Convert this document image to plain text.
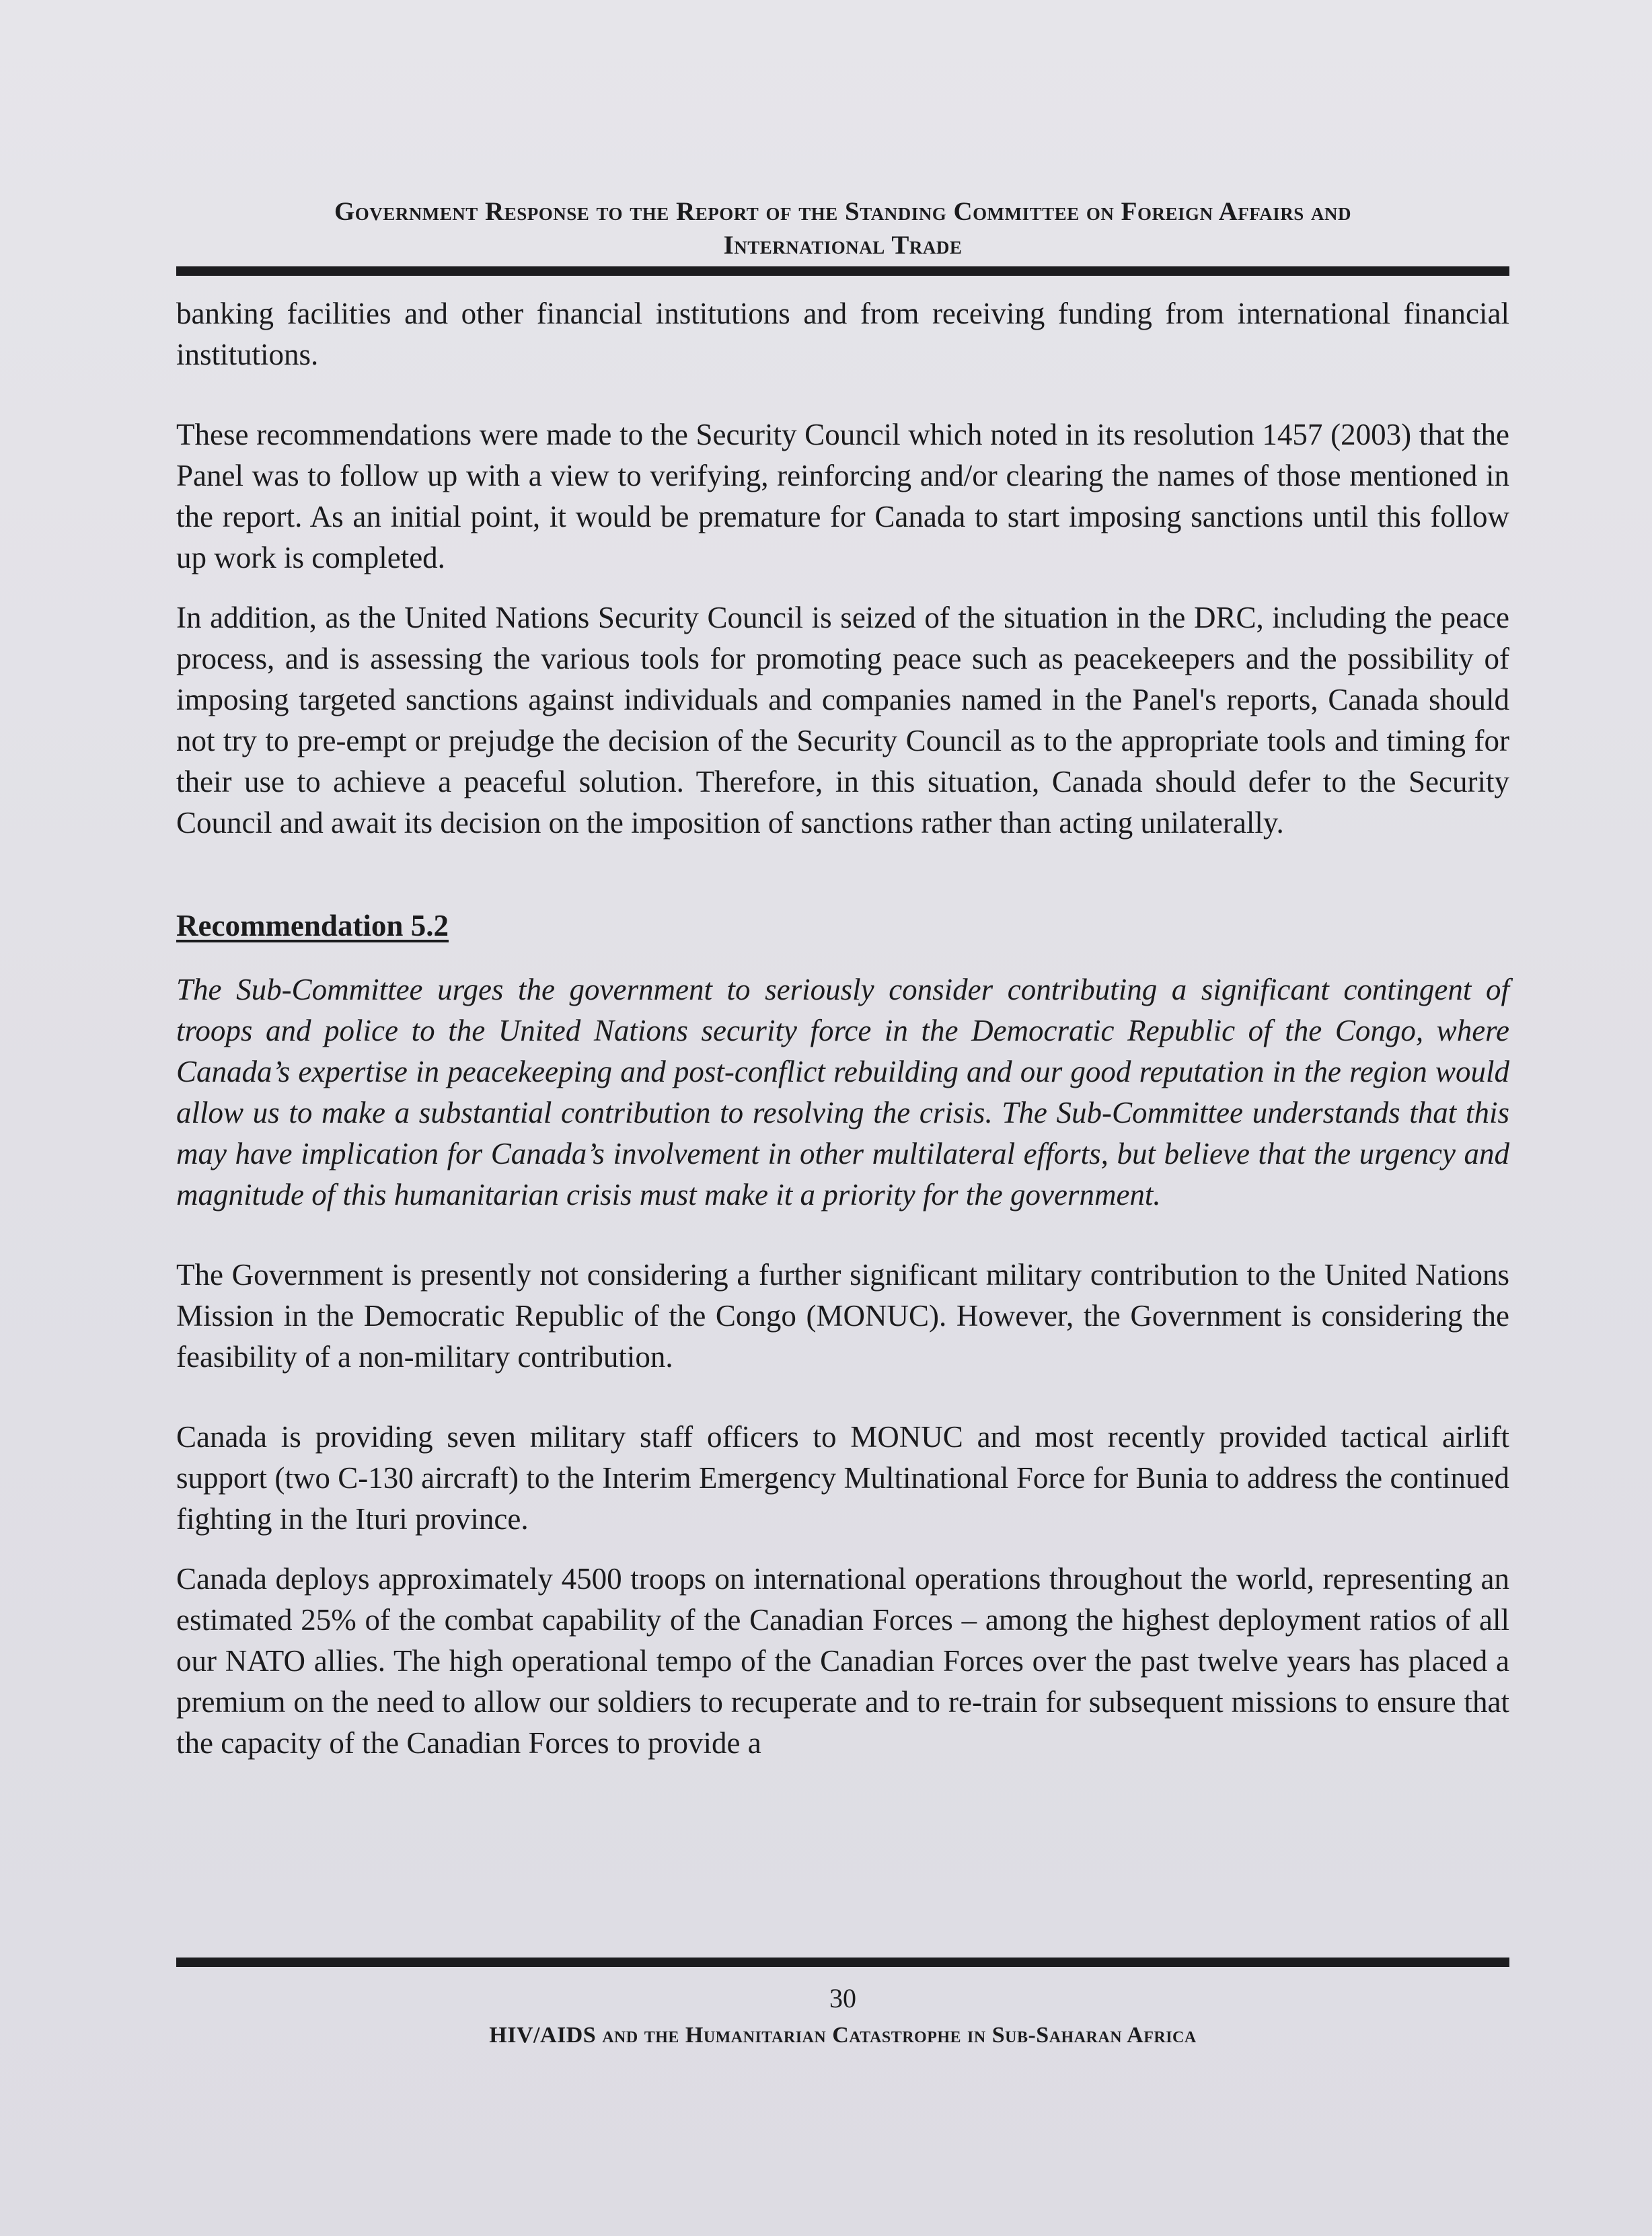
Government Response to the Report of the Standing Committee on Foreign Affairs and
International Trade

banking facilities and other financial institutions and from receiving funding from international financial institutions.

These recommendations were made to the Security Council which noted in its resolution 1457 (2003) that the Panel was to follow up with a view to verifying, reinforcing and/or clearing the names of those mentioned in the report. As an initial point, it would be premature for Canada to start imposing sanctions until this follow up work is completed.

In addition, as the United Nations Security Council is seized of the situation in the DRC, including the peace process, and is assessing the various tools for promoting peace such as peacekeepers and the possibility of imposing targeted sanctions against individuals and companies named in the Panel's reports, Canada should not try to pre-empt or prejudge the decision of the Security Council as to the appropriate tools and timing for their use to achieve a peaceful solution. Therefore, in this situation, Canada should defer to the Security Council and await its decision on the imposition of sanctions rather than acting unilaterally.

Recommendation 5.2

The Sub-Committee urges the government to seriously consider contributing a significant contingent of troops and police to the United Nations security force in the Democratic Republic of the Congo, where Canada’s expertise in peacekeeping and post-conflict rebuilding and our good reputation in the region would allow us to make a substantial contribution to resolving the crisis. The Sub-Committee understands that this may have implication for Canada’s involvement in other multilateral efforts, but believe that the urgency and magnitude of this humanitarian crisis must make it a priority for the government.

The Government is presently not considering a further significant military contribution to the United Nations Mission in the Democratic Republic of the Congo (MONUC). However, the Government is considering the feasibility of a non-military contribution.

Canada is providing seven military staff officers to MONUC and most recently provided tactical airlift support (two C-130 aircraft) to the Interim Emergency Multinational Force for Bunia to address the continued fighting in the Ituri province.

Canada deploys approximately 4500 troops on international operations throughout the world, representing an estimated 25% of the combat capability of the Canadian Forces – among the highest deployment ratios of all our NATO allies. The high operational tempo of the Canadian Forces over the past twelve years has placed a premium on the need to allow our soldiers to recuperate and to re-train for subsequent missions to ensure that the capacity of the Canadian Forces to provide a

30
HIV/AIDS and the Humanitarian Catastrophe in Sub-Saharan Africa
